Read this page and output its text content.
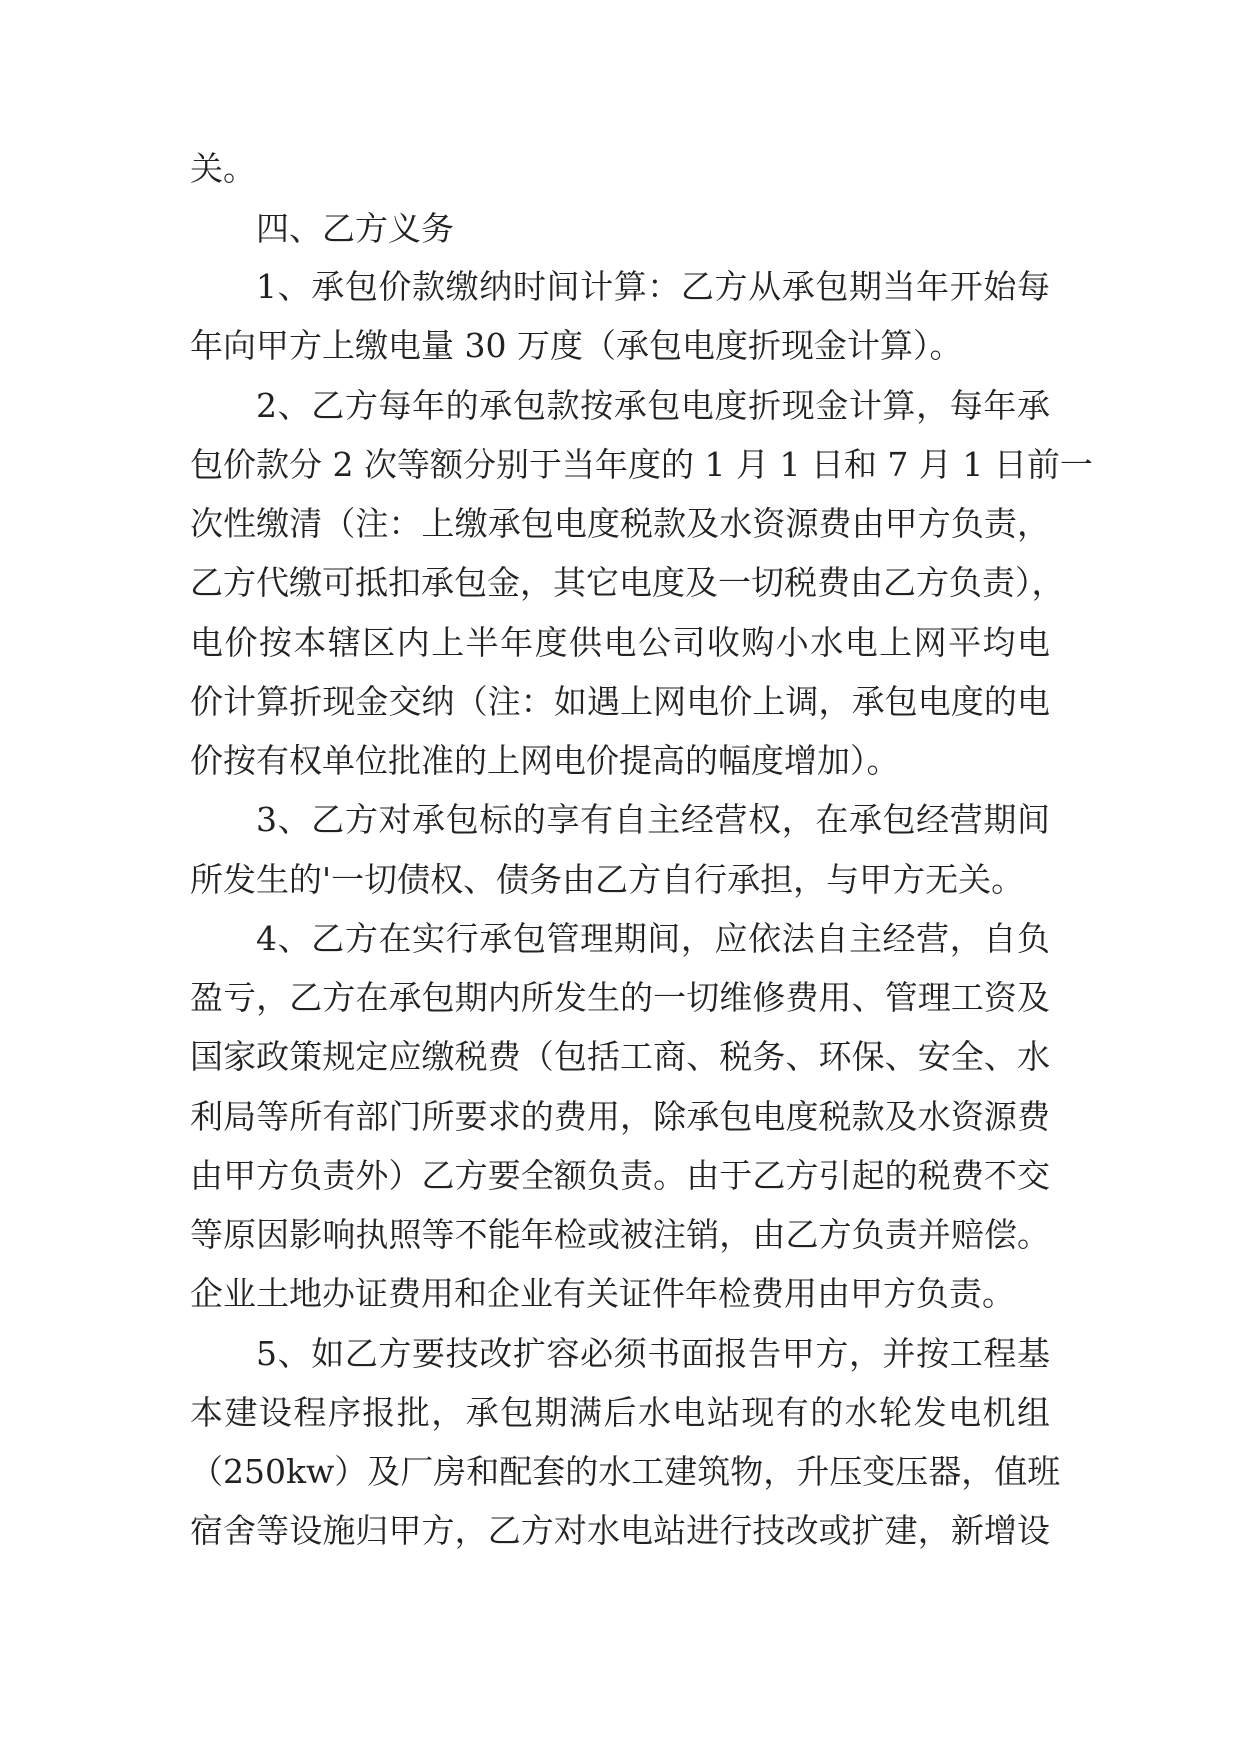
关。
四、乙方义务
1、承包价款缴纳时间计算：乙方从承包期当年开始每
年向甲方上缴电量 30 万度（承包电度折现金计算）。
2、乙方每年的承包款按承包电度折现金计算，每年承
包价款分 2 次等额分别于当年度的 1 月 1 日和 7 月 1 日前一
次性缴清（注：上缴承包电度税款及水资源费由甲方负责，
乙方代缴可抵扣承包金，其它电度及一切税费由乙方负责），
电价按本辖区内上半年度供电公司收购小水电上网平均电
价计算折现金交纳（注：如遇上网电价上调，承包电度的电
价按有权单位批准的上网电价提高的幅度增加）。
3、乙方对承包标的享有自主经营权，在承包经营期间
所发生的'一切债权、债务由乙方自行承担，与甲方无关。
4、乙方在实行承包管理期间，应依法自主经营，自负
盈亏，乙方在承包期内所发生的一切维修费用、管理工资及
国家政策规定应缴税费（包括工商、税务、环保、安全、水
利局等所有部门所要求的费用，除承包电度税款及水资源费
由甲方负责外）乙方要全额负责。由于乙方引起的税费不交
等原因影响执照等不能年检或被注销，由乙方负责并赔偿。
企业土地办证费用和企业有关证件年检费用由甲方负责。
5、如乙方要技改扩容必须书面报告甲方，并按工程基
本建设程序报批，承包期满后水电站现有的水轮发电机组
（250kw）及厂房和配套的水工建筑物，升压变压器，值班
宿舍等设施归甲方，乙方对水电站进行技改或扩建，新增设
